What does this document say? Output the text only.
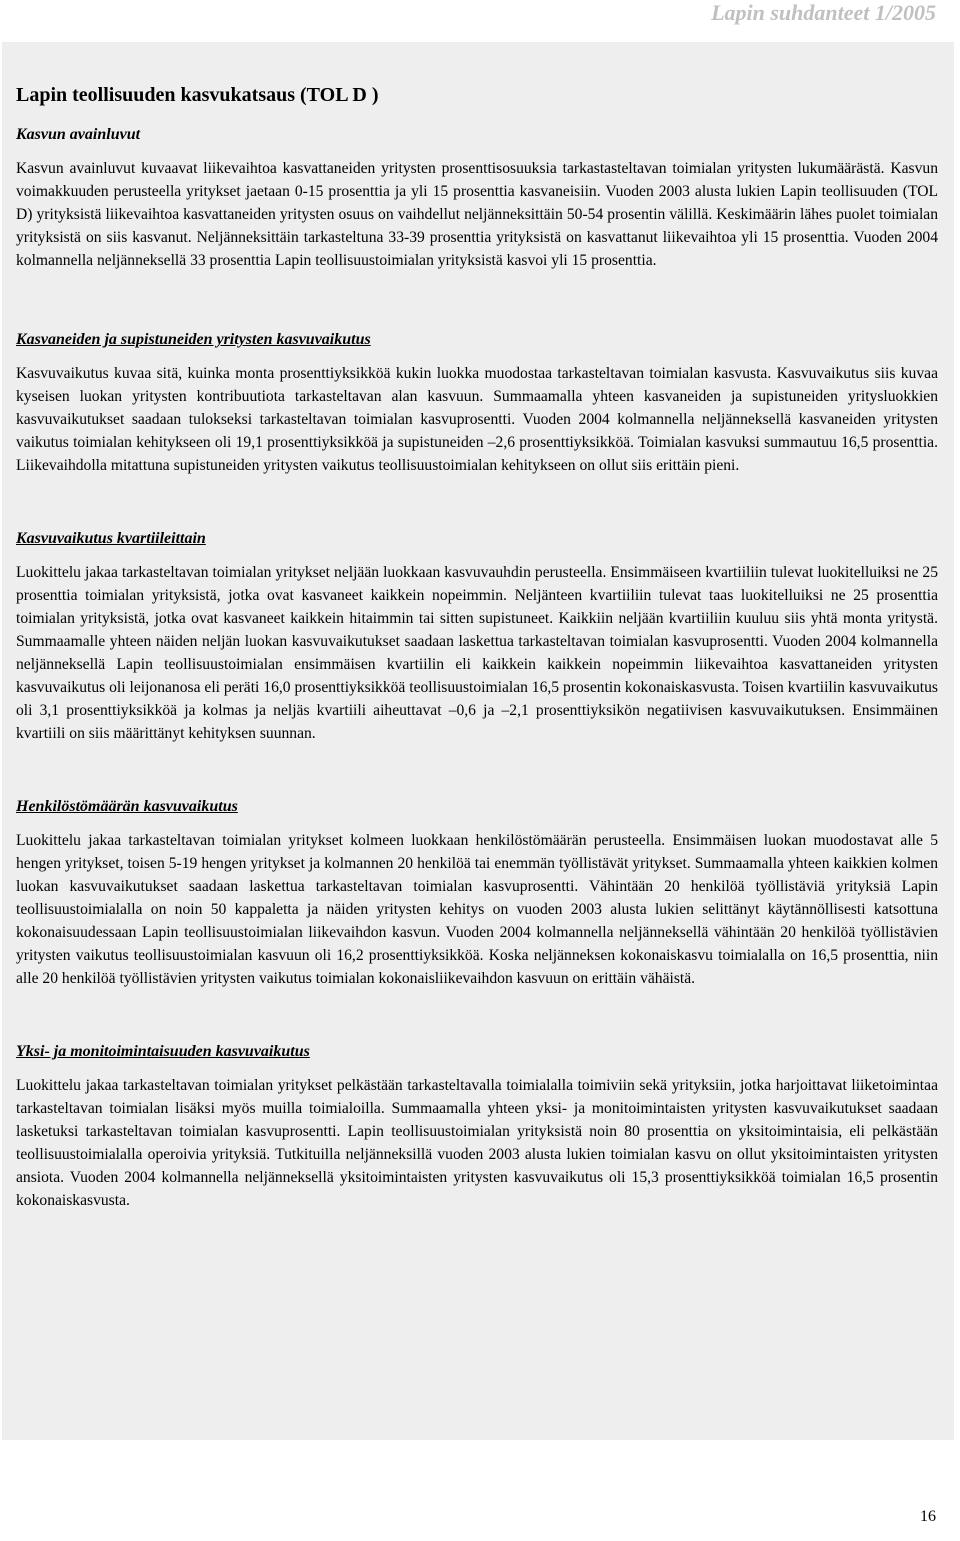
Lapin suhdanteet 1/2005
Lapin teollisuuden kasvukatsaus (TOL D )
Kasvun avainluvut

Kasvun avainluvut kuvaavat liikevaihtoa kasvattaneiden yritysten prosenttisosuuksia tarkastasteltavan toimialan yritysten lukumäärästä. Kasvun voimakkuuden perusteella yritykset jaetaan 0-15 prosenttia ja yli 15 prosenttia kasvaneisiin. Vuoden 2003 alusta lukien Lapin teollisuuden (TOL D) yrityksistä liikevaihtoa kasvattaneiden yritysten osuus on vaihdellut neljänneksittäin 50-54 prosentin välillä. Keskimäärin lähes puolet toimialan yrityksistä on siis kasvanut. Neljänneksittäin tarkasteltuna 33-39 prosenttia yrityksistä on kasvattanut liikevaihtoa yli 15 prosenttia. Vuoden 2004 kolmannella neljänneksellä 33 prosenttia Lapin teollisuustoimialan yrityksistä kasvoi yli 15 prosenttia.

Kasvaneiden ja supistuneiden yritysten kasvuvaikutus

Kasvuvaikutus kuvaa sitä, kuinka monta prosenttiyksikköä kukin luokka muodostaa tarkasteltavan toimialan kasvusta. Kasvuvaikutus siis kuvaa kyseisen luokan yritysten kontribuutiota tarkasteltavan alan kasvuun. Summaamalla yhteen kasvaneiden ja supistuneiden yritysluokkien kasvuvaikutukset saadaan tulokseksi tarkasteltavan toimialan kasvuprosentti. Vuoden 2004 kolmannella neljänneksellä kasvaneiden yritysten vaikutus toimialan kehitykseen oli 19,1 prosenttiyksikköä ja supistuneiden –2,6 prosenttiyksikköä. Toimialan kasvuksi summautuu 16,5 prosenttia. Liikevaihdolla mitattuna supistuneiden yritysten vaikutus teollisuustoimialan kehitykseen on ollut siis erittäin pieni.

Kasvuvaikutus kvartiileittain

Luokittelu jakaa tarkasteltavan toimialan yritykset neljään luokkaan kasvuvauhdin perusteella. Ensimmäiseen kvartiiliin tulevat luokitelluiksi ne 25 prosenttia toimialan yrityksistä, jotka ovat kasvaneet kaikkein nopeimmin. Neljänteen kvartiiliin tulevat taas luokitelluiksi ne 25 prosenttia toimialan yrityksistä, jotka ovat kasvaneet kaikkein hitaimmin tai sitten supistuneet. Kaikkiin neljään kvartiiliin kuuluu siis yhtä monta yritystä. Summaamalle yhteen näiden neljän luokan kasvuvaikutukset saadaan laskettua tarkasteltavan toimialan kasvuprosentti. Vuoden 2004 kolmannella neljänneksellä Lapin teollisuustoimialan ensimmäisen kvartiilin eli kaikkein kaikkein nopeimmin liikevaihtoa kasvattaneiden yritysten kasvuvaikutus oli leijonanosa eli peräti 16,0 prosenttiyksikköä teollisuustoimialan 16,5 prosentin kokonaiskasvusta. Toisen kvartiilin kasvuvaikutus oli 3,1 prosenttiyksikköä ja kolmas ja neljäs kvartiili aiheuttavat –0,6 ja –2,1 prosenttiyksikön negatiivisen kasvuvaikutuksen. Ensimmäinen kvartiili on siis määrittänyt kehityksen suunnan.

Henkilöstömäärän kasvuvaikutus

Luokittelu jakaa tarkasteltavan toimialan yritykset kolmeen luokkaan henkilöstömäärän perusteella. Ensimmäisen luokan muodostavat alle 5 hengen yritykset, toisen 5-19 hengen yritykset ja kolmannen 20 henkilöä tai enemmän työllistävät yritykset. Summaamalla yhteen kaikkien kolmen luokan kasvuvaikutukset saadaan laskettua tarkasteltavan toimialan kasvuprosentti. Vähintään 20 henkilöä työllistäviä yrityksiä Lapin teollisuustoimialalla on noin 50 kappaletta ja näiden yritysten kehitys on vuoden 2003 alusta lukien selittänyt käytännöllisesti katsottuna kokonaisuudessaan Lapin teollisuustoimialan liikevaihdon kasvun. Vuoden 2004 kolmannella neljänneksellä vähintään 20 henkilöä työllistävien yritysten vaikutus teollisuustoimialan kasvuun oli 16,2 prosenttiyksikköä. Koska neljänneksen kokonaiskasvu toimialalla on 16,5 prosenttia, niin alle 20 henkilöä työllistävien yritysten vaikutus toimialan kokonaisliikevaihdon kasvuun on erittäin vähäistä.

Yksi- ja monitoimintaisuuden kasvuvaikutus

Luokittelu jakaa tarkasteltavan toimialan yritykset pelkästään tarkasteltavalla toimialalla toimiviin sekä yrityksiin, jotka harjoittavat liiketoimintaa tarkasteltavan toimialan lisäksi myös muilla toimialoilla. Summaamalla yhteen yksi- ja monitoimintaisten yritysten kasvuvaikutukset saadaan lasketuksi tarkasteltavan toimialan kasvuprosentti. Lapin teollisuustoimialan yrityksistä noin 80 prosenttia on yksitoimintaisia, eli pelkästään teollisuustoimialalla operoivia yrityksiä. Tutkituilla neljänneksillä vuoden 2003 alusta lukien toimialan kasvu on ollut yksitoimintaisten yritysten ansiota. Vuoden 2004 kolmannella neljänneksellä yksitoimintaisten yritysten kasvuvaikutus oli 15,3 prosenttiyksikköä toimialan 16,5 prosentin kokonaiskasvusta.

16
